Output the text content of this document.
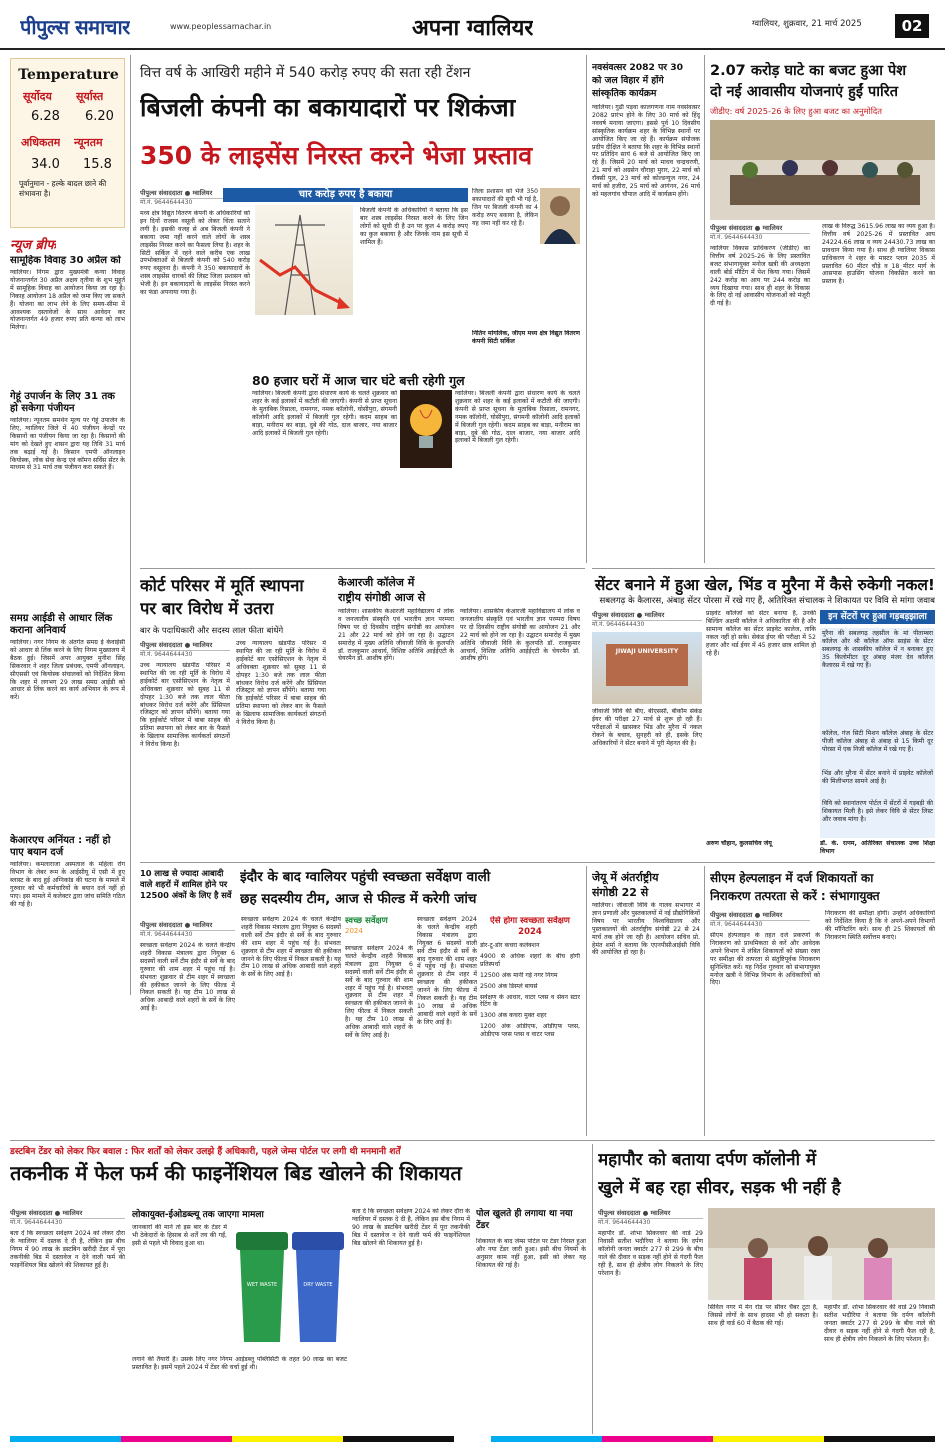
पीपुल्स समाचार	www.peoplessamachar.in	अपना ग्वालियर	ग्वालियर, शुक्रवार, 21 मार्च 2025	02
Temperature
सूर्योदय सूर्यास्त
6.28 6.20
अधिकतम न्यूनतम
34.0 15.8
पूर्वानुमान - हल्के बादल छाने की संभावना है।
न्यूज ब्रीफ
सामूहिक विवाह 30 अप्रैल को
ग्वालियर। निगम द्वारा मुख्यमंत्री कन्या विवाह योजनान्तर्गत 30 अप्रैल अक्षय तृतीया के शुभ मुहूर्त में सामूहिक विवाह का आयोजन किया जा रहा है। निकाह आयोजन 18 अप्रैल को जमा किए जा सकते हैं। योजना का लाभ लेने के लिए समय-सीमा में आवश्यक दस्तावेजों के साथ आवेदन कर योजनान्तर्गत 49 हजार रुपए प्रति कन्या को लाभ मिलेगा।
गेहूं उपार्जन के लिए 31 तक हो सकेगा पंजीयन
ग्वालियर। न्यूनतम समर्थन मूल्य पर गेहूं उपार्जन के लिए, ग्वालियर जिले में 40 पंजीयन केन्द्रों पर किसानों का पंजीयन किया जा रहा है। किसानों की मांग को देखते हुए शासन द्वारा यह तिथि 31 मार्च तक बढ़ाई गई है। किसान एमपी ऑनलाइन कियोस्क, लोक सेवा केन्द्र एवं कॉमन सर्विस सेंटर के माध्यम से 31 मार्च तक पंजीयन करा सकते हैं।
समग्र आईडी से आधार लिंक कराना अनिवार्य
ग्वालियर। नगर निगम के अंतर्गत समग्र ई केवाईसी को आधार से लिंक करने के लिए निगम मुख्यालय में बैठक हुई। जिसमें अपर आयुक्त मुनीश सिंह सिकरवार ने शहर जिला प्रबंधक, एमपी ऑनलाइन, सीएससी एवं कियोस्क संचालकों को निर्देशित किया कि शहर में लगभग 29 लाख समग्र आईडी को आधार से लिंक करने का कार्य अभियान के रूप में करें।
केआरएच अनिंयत : नहीं हो पाए बयान दर्ज
ग्वालियर। कमलाराजा अस्पताल के महिला रोग विभाग के लेबर रूम के आईसीयू में एसी में हुए ब्लास्ट के बाद हुई अग्निकांड की घटना के मामले में गुरुवार को भी कर्मचारियों के बयान दर्ज नहीं हो पाए। इस मामले में कलेक्टर द्वारा जांच समिति गठित की गई है।
वित्त वर्ष के आखिरी महीने में 540 करोड़ रुपए की सता रही टेंशन
बिजली कंपनी का बकायादारों पर शिकंजा
350 के लाइसेंस निरस्त करने भेजा प्रस्ताव
पीपुल्स संवाददाता ● ग्वालियर
मो.नं. 9644644430
मध्य क्षेत्र विद्युत वितरण कंपनी के अधिकारियों को इन दिनों राजस्व वसूली को लेकर चिंता सताने लगी है। इसकी वजह से अब बिजली कंपनी ने बकाया जमा नहीं करने वाले लोगों के शस्त्र लाइसेंस निरस्त करने का फैसला लिया है। शहर के सिटी सर्किल में रहने वाले करीब एक लाख उपभोक्ताओं से बिजली कंपनी को 540 करोड़ रुपए वसूलना है। कंपनी ने 350 बकायादारों के शस्त्र लाइसेंस धारकों की लिस्ट जिला प्रशासन को भेजी है। इन बकायादारों के लाइसेंस निरस्त करने का फंडा अपनाया गया है।
चार करोड़ रुपए है बकाया
बिजली कंपनी के अधिकारियों ने बताया कि इस बार शस्त्र लाइसेंस निरस्त करने के लिए जिन लोगों को सूची दी है उन पर कुल 4 करोड़ रुपए का कुल बकाया है और जिनके नाम इस सूची में शामिल हैं।
जिला प्रशासन को भेजे 350 बकायादारों की सूची भी गई है, जिन पर बिजली कंपनी का 4 करोड़ रुपए बकाया है, लेकिन यह जमा नहीं कर रहे हैं।
नितिन मांगलिक, जीएम मध्य क्षेत्र विद्युत वितरण कंपनी सिटी सर्किल
80 हजार घरों में आज चार घंटे बत्ती रहेगी गुल
ग्वालियर। बिजली कंपनी द्वारा संधारण कार्य के चलते शुक्रवार को शहर के कई इलाकों में कटौती की जाएगी। कंपनी से प्राप्त सूचना के मुताबिक रिसाला, रामनगर, नमक कॉलोनी, घोसीपुरा, संगमनी कॉलोनी आदि इलाकों में बिजली गुल रहेगी। कदम साहब का बाड़ा, मनीराम का बाड़ा, दुबे की गोठ, दाल बाजार, नया बाजार आदि इलाकों में बिजली गुल रहेगी।
ग्वालियर। बिजली कंपनी द्वारा संधारण कार्य के चलते शुक्रवार को शहर के कई इलाकों में कटौती की जाएगी। कंपनी से प्राप्त सूचना के मुताबिक रिसाला, रामनगर, नमक कॉलोनी, घोसीपुरा, संगमनी कॉलोनी आदि इलाकों में बिजली गुल रहेगी। कदम साहब का बाड़ा, मनीराम का बाड़ा, दुबे की गोठ, दाल बाजार, नया बाजार आदि इलाकों में बिजली गुल रहेगी।
कोर्ट परिसर में मूर्ति स्थापना
पर बार विरोध में उतरा
बार के पदाधिकारी और सदस्य लाल फीता बांधेंगे
पीपुल्स संवाददाता ● ग्वालियर
मो.नं. 9644644430
उच्च न्यायालय खंडपीठ परिसर में स्थापित की जा रही मूर्ति के विरोध में हाईकोर्ट बार एसोसिएशन के नेतृत्व में अधिवक्ता शुक्रवार को सुबह 11 से दोपहर 1:30 बजे तक लाल फीता बांधकर विरोध दर्ज करेंगे और प्रिंसिपल रजिस्ट्रार को ज्ञापन सौंपेंगे। बताया गया कि हाईकोर्ट परिसर में बाबा साहब की प्रतिमा स्थापना को लेकर बार के फैसले के खिलाफ सामाजिक कार्यकर्ता संगठनों ने विरोध किया है।
उच्च न्यायालय खंडपीठ परिसर में स्थापित की जा रही मूर्ति के विरोध में हाईकोर्ट बार एसोसिएशन के नेतृत्व में अधिवक्ता शुक्रवार को सुबह 11 से दोपहर 1:30 बजे तक लाल फीता बांधकर विरोध दर्ज करेंगे और प्रिंसिपल रजिस्ट्रार को ज्ञापन सौंपेंगे। बताया गया कि हाईकोर्ट परिसर में बाबा साहब की प्रतिमा स्थापना को लेकर बार के फैसले के खिलाफ सामाजिक कार्यकर्ता संगठनों ने विरोध किया है।
केआरजी कॉलेज में
राष्ट्रीय संगोष्ठी आज से
ग्वालियर। शासकीय केआरजी महाविद्यालय में लोक व जनजातीय संस्कृति एवं भारतीय ज्ञान परम्परा विषय पर दो दिवसीय राष्ट्रीय संगोष्ठी का आयोजन 21 और 22 मार्च को होने जा रहा है। उद्घाटन समारोह में मुख्य अतिथि जीवाजी विवि के कुलपति डॉ. राजकुमार आचार्य, विशिष्ट अतिथि आईईएटी के चेयरमैन डॉ. आशीष होंगे।
ग्वालियर। शासकीय केआरजी महाविद्यालय में लोक व जनजातीय संस्कृति एवं भारतीय ज्ञान परम्परा विषय पर दो दिवसीय राष्ट्रीय संगोष्ठी का आयोजन 21 और 22 मार्च को होने जा रहा है। उद्घाटन समारोह में मुख्य अतिथि जीवाजी विवि के कुलपति डॉ. राजकुमार आचार्य, विशिष्ट अतिथि आईईएटी के चेयरमैन डॉ. आशीष होंगे।
नवसंवत्सर 2082 पर 30
को जल विहार में होंगे
सांस्कृतिक कार्यक्रम
ग्वालियर। गुढी पड़वा कालगणना नाम नवसंवत्सर 2082 प्रारंभ होने के लिए 30 मार्च को हिंदू नववर्ष मनाया जाएगा। इससे पूर्व 10 दिवसीय सांस्कृतिक कार्यक्रम शहर के विभिन्न स्थानों पर आयोजित किए जा रहे हैं। कार्यक्रम संयोजक प्रदीप दीक्षित ने बताया कि शहर के विभिन्न स्थानों पर प्रतिदिन सायं 6 बजे से आयोजित किए जा रहे हैं। जिसमें 20 मार्च को माधव चन्द्रचरणी, 21 मार्च को अग्रसेन चौराहा मुरार, 22 मार्च को रॉक्सी पुल, 23 मार्च को कोल्डन्युज नगर, 24 मार्च को हजीरा, 25 मार्च को आगंनन, 26 मार्च को महलगांव चौपाल आदि में कार्यक्रम होंगे।
2.07 करोड़ घाटे का बजट हुआ पेश
दो नई आवासीय योजनाएं हुईं पारित
जीडीए: वर्ष 2025-26 के लिए हुआ बजट का अनुमोदित
पीपुल्स संवाददाता ● ग्वालियर
मो.नं. 9644644430
ग्वालियर विकास प्राधिकरण (जीडीए) का वित्तीय वर्ष 2025-26 के लिए प्रस्तावित बजट संभागायुक्त मनोज खत्री की अध्यक्षता वाली बोर्ड मीटिंग में पेश किया गया। जिसमें 242 करोड़ का आय पर 244 करोड़ का व्यय दिखाया गया। साथ ही शहर के विकास के लिए दो नई आवासीय योजनाओं को मंजूरी दी गई है।
लाख के विरुद्ध 3615.96 लाख का व्यय हुआ है। वित्तीय वर्ष 2025-26 में प्रस्तावित आय 24224.66 लाख व व्यय 24430.73 लाख का प्रावधान किया गया है। साथ ही ग्वालियर विकास प्राधिकरण ने शहर के मास्टर प्लान 2035 में प्रस्तावित 60 मीटर चौड़े व 18 मीटर मार्ग के आसपास हाउसिंग योजना विकसित करने का प्रस्ताव है।
सेंटर बनाने में हुआ खेल, भिंड व मुरैना में कैसे रुकेगी नकल!
सबलगढ़ के कैलारस, अंबाह सेंटर पोरसा में रखे गए हैं, अतिरिक्त संचालक ने शिकायत पर विवि से मांगा जवाब
पीपुल्स संवाददाता ● ग्वालियर
मो.नं. 9644644430
JIWAJI UNIVERSITY
जीवाजी विवि की बीए, बीएससी, बीकॉम सेकंड ईयर की परीक्षा 27 मार्च से शुरू हो रही हैं। परीक्षाओं में खासकर भिंड और मुरैना में नकल रोकने के बचाव, सुनहरी को ही, इसके लिए अधिकारियों ने सेंटर बनाने में पूरी मेहनत की है।
प्राइवेट कॉलेजों को सेंटर बनाया है, उनकी बिल्डिंग अक्षमी कॉलेज ने अधिकारिता की है और सामान्य कॉलेज का सेंटर प्राइवेट कालेज, ताकि नकल नहीं हो सके। सेकंड ईयर की परीक्षा में 52 हजार और थर्ड ईयर में 45 हजार छात्र शामिल हो रहे हैं।
इन सेंटरों पर हुआ गड़बड़झाला
मुरैना की सबलगढ़ तहसील के मां पीताम्बरा कॉलेज और श्री कॉलेज ऑफ साइंस के सेंटर सबलगढ़ के शासकीय कॉलेज में न बनाकर हुए 35 किलोमीटर दूर अंबाह मंजर देव कॉलेज कैलारस में रखे गए हैं।
कॉलेज, गंज सिटी मिशन कॉलेज अंबाह के सेंटर पीजी कॉलेज अंबाह से अंबाह से 15 किमी दूर पोरसा में एक निजी कॉलेज में रखे गए हैं।
भिंड और मुरैना में सेंटर बनाने में प्राइवेट कॉलेजों की मिलीभगत सामने आई है।
विवि को स्थानांतरण पोर्टल में सेंटरों में गड़बड़ी की शिकायत मिली है। इसे लेकर विवि से सेंटर लिस्ट और जवाब मांगा है।
अरुण चौहान, कुलसचिव जेयू	डॉ. के. रत्नम, अतिरिक्त संचालक उच्च शिक्षा विभाग
इंदौर के बाद ग्वालियर पहुंची स्वच्छता सर्वेक्षण वाली
छह सदस्यीय टीम, आज से फील्ड में करेगी जांच
10 लाख से ज्यादा आबादी वाले शहरों में शामिल होने पर 12500 अंकों के लिए है सर्वे
पीपुल्स संवाददाता ● ग्वालियर
मो.नं. 9644644430
स्वच्छता सर्वेक्षण 2024 के चलते केन्द्रीय शहरी विकास मंत्रालय द्वारा नियुक्त 6 सदस्यों वाली सर्वे टीम इंदौर से सर्वे के बाद गुरुवार की शाम शहर में पहुंच गई है। संभवतः शुक्रवार से टीम शहर में स्वच्छता की हकीकत जानने के लिए फील्ड में निकल सकती है। यह टीम 10 लाख से अधिक आबादी वाले शहरों के सर्वे के लिए आई है।
स्वच्छता सर्वेक्षण 2024 के चलते केन्द्रीय शहरी विकास मंत्रालय द्वारा नियुक्त 6 सदस्यों वाली सर्वे टीम इंदौर से सर्वे के बाद गुरुवार की शाम शहर में पहुंच गई है। संभवतः शुक्रवार से टीम शहर में स्वच्छता की हकीकत जानने के लिए फील्ड में निकल सकती है। यह टीम 10 लाख से अधिक आबादी वाले शहरों के सर्वे के लिए आई है।
स्वच्छ सर्वेक्षण
2024
स्वच्छता सर्वेक्षण 2024 के चलते केन्द्रीय शहरी विकास मंत्रालय द्वारा नियुक्त 6 सदस्यों वाली सर्वे टीम इंदौर से सर्वे के बाद गुरुवार की शाम शहर में पहुंच गई है। संभवतः शुक्रवार से टीम शहर में स्वच्छता की हकीकत जानने के लिए फील्ड में निकल सकती है। यह टीम 10 लाख से अधिक आबादी वाले शहरों के सर्वे के लिए आई है।
स्वच्छता सर्वेक्षण 2024 के चलते केन्द्रीय शहरी विकास मंत्रालय द्वारा नियुक्त 6 सदस्यों वाली सर्वे टीम इंदौर से सर्वे के बाद गुरुवार की शाम शहर में पहुंच गई है। संभवतः शुक्रवार से टीम शहर में स्वच्छता की हकीकत जानने के लिए फील्ड में निकल सकती है। यह टीम 10 लाख से अधिक आबादी वाले शहरों के सर्वे के लिए आई है।
ऐसे होगा स्वच्छता सर्वेक्षण 2024
डोर-टू-डोर कचरा कलेक्शन
4900 से अधिक शहरों के बीच होगी प्रतिस्पर्धा
12500 अंक मानी गई नगर निगम
2500 अंक डिस्प्ले बायर्स
सर्वेक्षण के आधार, वाटर प्लस व सेवन स्टार रेटिंग के
1300 अंक कचरा मुक्त शहर
1200 अंक ओडीएफ, ओडीएफ प्लस, ओडीएफ प्लस प्लस व वाटर प्लस
जेयू में अंतर्राष्ट्रीय
संगोष्ठी 22 से
ग्वालियर। जीवाजी विवि के गालव सभागार में ज्ञान प्रणाली और पुस्तकालयों में नई प्रौद्योगिकियों विषय पर भारतीय विश्वविद्यालय और पुस्तकालयों की अंतर्राष्ट्रीय संगोष्ठी 22 से 24 मार्च तक होने जा रही है। आयोजन सचिव प्रो. हेमंत शर्मा ने बताया कि एएनपीसीआईसी विवि की आयोजित हो रहा है।
सीएम हेल्पलाइन में दर्ज शिकायतों का
निराकरण तत्परता से करें : संभागायुक्त
पीपुल्स संवाददाता ● ग्वालियर
मो.नं. 9644644430
सीएम हेल्पलाइन के तहत दर्ज प्रकरणों के निराकरण को प्राथमिकता से करें और आवेदक अपने विभाग में लंबित शिकायतों को संख्या रक्त पर समीक्षा की तत्परता से संतुष्टिपूर्वक निराकरण सुनिश्चित करें। यह निर्देश गुरुवार को संभागायुक्त मनोज खत्री ने विभिन्न विभाग के अधिकारियों को दिए।
निराकरण की समीक्षा होगी। उन्होंने अधिकारियों को निर्देशित किया है कि वे अपने-अपने विभागों की मॉनिटरिंग करें। साथ ही 25 शिकायतों की निराकरण स्थिति सर्वोत्तम बनाएं।
डस्टबिन टेंडर को लेकर फिर बवाल : फिर शर्तों को लेकर उलझे हैं अधिकारी, पहले जेम्स पोर्टल पर लगी थी मनमानी शर्तें
तकनीक में फेल फर्म की फाइनेंशियल बिड खोलने की शिकायत
पीपुल्स संवाददाता ● ग्वालियर
मो.नं. 9644644430
बता दें कि स्वच्छता सर्वेक्षण 2024 को लेकर दौरा के ग्वालियर में दस्तक दे दी है, लेकिन इस बीच निगम में 90 लाख के डस्टबिन खरीदी टेंडर में पूरा तकनीकी बिड में दस्तावेज न देने वाली फर्म की फाइनेंशियल बिड खोलने की शिकायत हुई है।
लोकायुक्त-ईओडब्ल्यू तक जाएगा मामला
जानकारों की मानें तो इस बार के टेंडर में भी ठेकेदारों के हिसाब से शर्तें तय की गईं, इसी से पहले भी विवाद हुआ था।
WET WASTE	DRY WASTE
लगाने की तैयारी है। उसके लिए नगर निगम आईडब्लू पब्लिसिटी के तहत 90 लाख का बजट प्रस्तावित है। इसमें पहले 2024 में टेंडर की चर्चा हुई थी।
बता दें कि स्वच्छता सर्वेक्षण 2024 को लेकर दौरा के ग्वालियर में दस्तक दे दी है, लेकिन इस बीच निगम में 90 लाख के डस्टबिन खरीदी टेंडर में पूरा तकनीकी बिड में दस्तावेज न देने वाली फर्म की फाइनेंशियल बिड खोलने की शिकायत हुई है।
पोल खुलते ही लगाया था नया टेंडर
शिकायत के बाद जेम्स पोर्टल पर टेंडर निरस्त हुआ और नया टेंडर जारी हुआ। इसी बीच नियमों के अनुसार काम नहीं हुआ, इसी को लेकर यह शिकायत की गई है।
महापौर को बताया दर्पण कॉलोनी में
खुले में बह रहा सीवर, सड़क भी नहीं है
पीपुल्स संवाददाता ● ग्वालियर
मो.नं. 9644644430
महापौर डॉ. शोभा सिकरवार की वार्ड 29 निवासी सतीश भदौरिया ने बताया कि दर्पण कॉलोनी जनता क्वार्टर 277 से 299 के बीच नाले की दीवार व सड़क नहीं होने से गंदगी फैल रही है, साथ ही क्षेत्रीय लोग निकलने के लिए परेशान हैं।
सिविल नगर में मेन रोड पर सीवर चैंबर टूटा है, जिससे लोगों के साथ हादसा भी हो सकता है। साथ ही वार्ड 60 में बैठक की गई।
महापौर डॉ. शोभा सिकरवार की वार्ड 29 निवासी सतीश भदौरिया ने बताया कि दर्पण कॉलोनी जनता क्वार्टर 277 से 299 के बीच नाले की दीवार व सड़क नहीं होने से गंदगी फैल रही है, साथ ही क्षेत्रीय लोग निकलने के लिए परेशान हैं।
